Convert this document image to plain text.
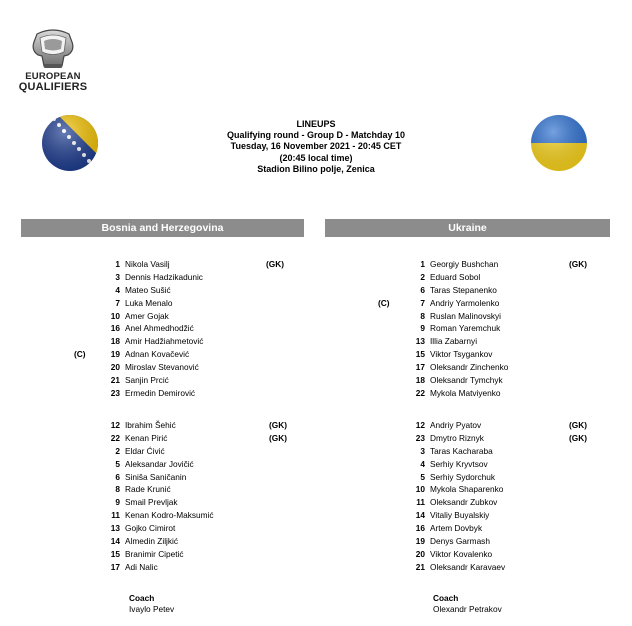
EUROPEAN
QUALIFIERS
LINEUPS
Qualifying round - Group D - Matchday 10
Tuesday, 16 November 2021 - 20:45 CET
(20:45 local time)
Stadion Bilino polje, Zenica
Bosnia and Herzegovina	Ukraine
1 Nikola Vasilj	(GK)
3 Dennis Hadzikadunic
4 Mateo Sušić
7 Luka Menalo
10 Amer Gojak
16 Anel Ahmedhodžić
18 Amir Hadžiahmetović
(C)	19 Adnan Kovačević
20 Miroslav Stevanović
21 Sanjin Prcić
23 Ermedin Demirović
12 Ibrahim Šehić	(GK)
22 Kenan Pirić	(GK)
2 Eldar Ćivić
5 Aleksandar Jovičić
6 Siniša Saničanin
8 Rade Krunić
9 Smail Prevljak
11 Kenan Kodro-Maksumić
13 Gojko Cimirot
14 Almedin Ziljkić
15 Branimir Cipetić
17 Adi Nalic
1 Georgiy Bushchan	(GK)
2 Eduard Sobol
6 Taras Stepanenko
(C)	7 Andriy Yarmolenko
8 Ruslan Malinovskyi
9 Roman Yaremchuk
13 Illia Zabarnyi
15 Viktor Tsygankov
17 Oleksandr Zinchenko
18 Oleksandr Tymchyk
22 Mykola Matviyenko
12 Andriy Pyatov	(GK)
23 Dmytro Riznyk	(GK)
3 Taras Kacharaba
4 Serhiy Kryvtsov
5 Serhiy Sydorchuk
10 Mykola Shaparenko
11 Oleksandr Zubkov
14 Vitaliy Buyalskiy
16 Artem Dovbyk
19 Denys Garmash
20 Viktor Kovalenko
21 Oleksandr Karavaev
Coach
Ivaylo Petev
Coach
Olexandr Petrakov
